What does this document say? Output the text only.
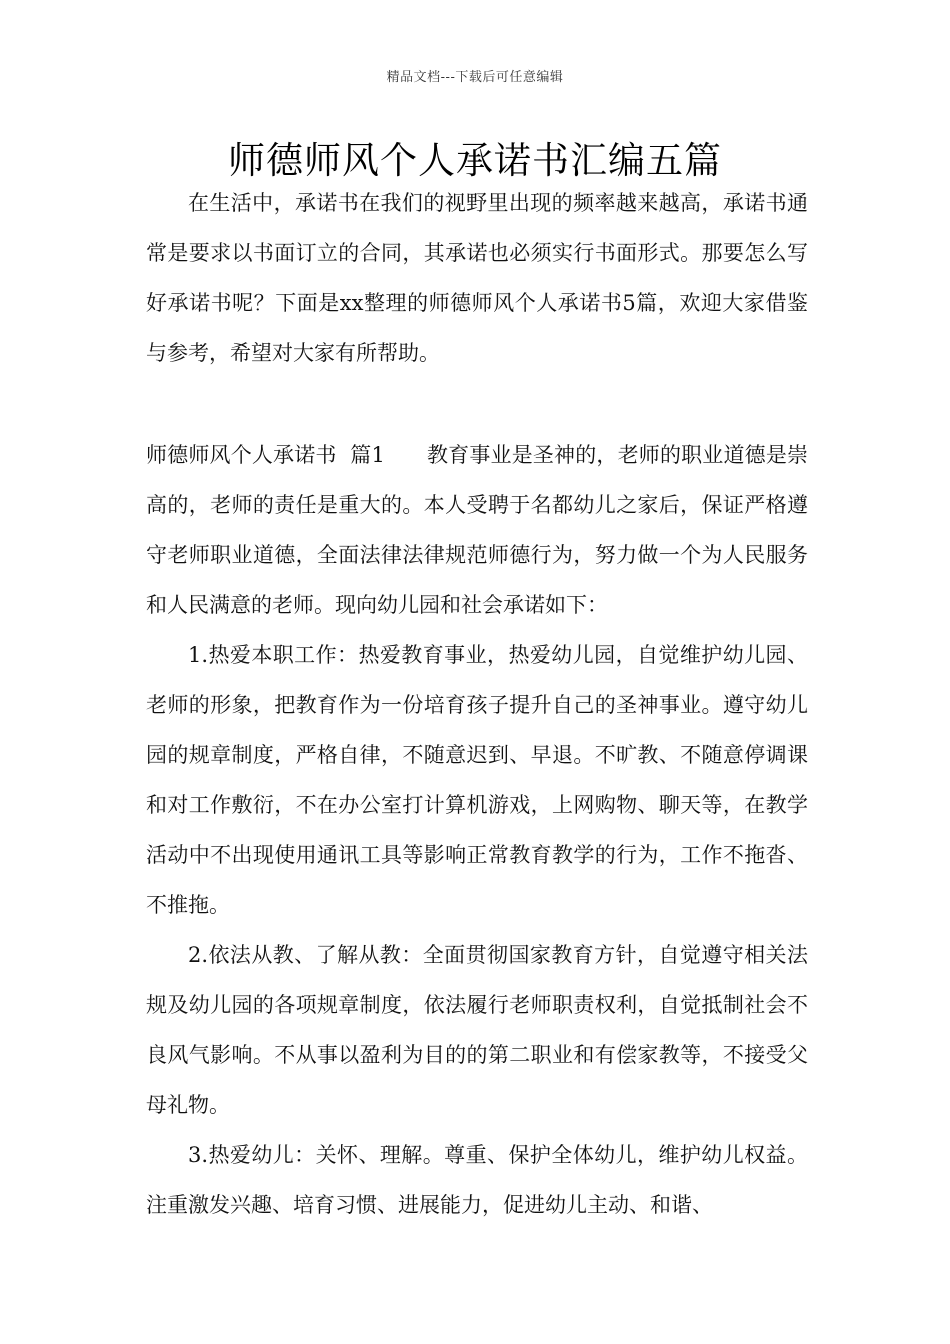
精品文档---下载后可任意编辑
师德师风个人承诺书汇编五篇

在生活中，承诺书在我们的视野里出现的频率越来越高，承诺书通常是要求以书面订立的合同，其承诺也必须实行书面形式。那要怎么写好承诺书呢？下面是xx整理的师德师风个人承诺书5篇，欢迎大家借鉴与参考，希望对大家有所帮助。

师德师风个人承诺书  篇1 教育事业是圣神的，老师的职业道德是崇高的，老师的责任是重大的。本人受聘于名都幼儿之家后，保证严格遵守老师职业道德，全面法律法律规范师德行为，努力做一个为人民服务和人民满意的老师。现向幼儿园和社会承诺如下：

1.热爱本职工作：热爱教育事业，热爱幼儿园，自觉维护幼儿园、老师的形象，把教育作为一份培育孩子提升自己的圣神事业。遵守幼儿园的规章制度，严格自律，不随意迟到、早退。不旷教、不随意停调课和对工作敷衍，不在办公室打计算机游戏，上网购物、聊天等，在教学活动中不出现使用通讯工具等影响正常教育教学的行为，工作不拖沓、不推拖。

2.依法从教、了解从教：全面贯彻国家教育方针，自觉遵守相关法规及幼儿园的各项规章制度，依法履行老师职责权利，自觉抵制社会不良风气影响。不从事以盈利为目的的第二职业和有偿家教等，不接受父母礼物。

3.热爱幼儿：关怀、理解。尊重、保护全体幼儿，维护幼儿权益。注重激发兴趣、培育习惯、进展能力，促进幼儿主动、和谐、
